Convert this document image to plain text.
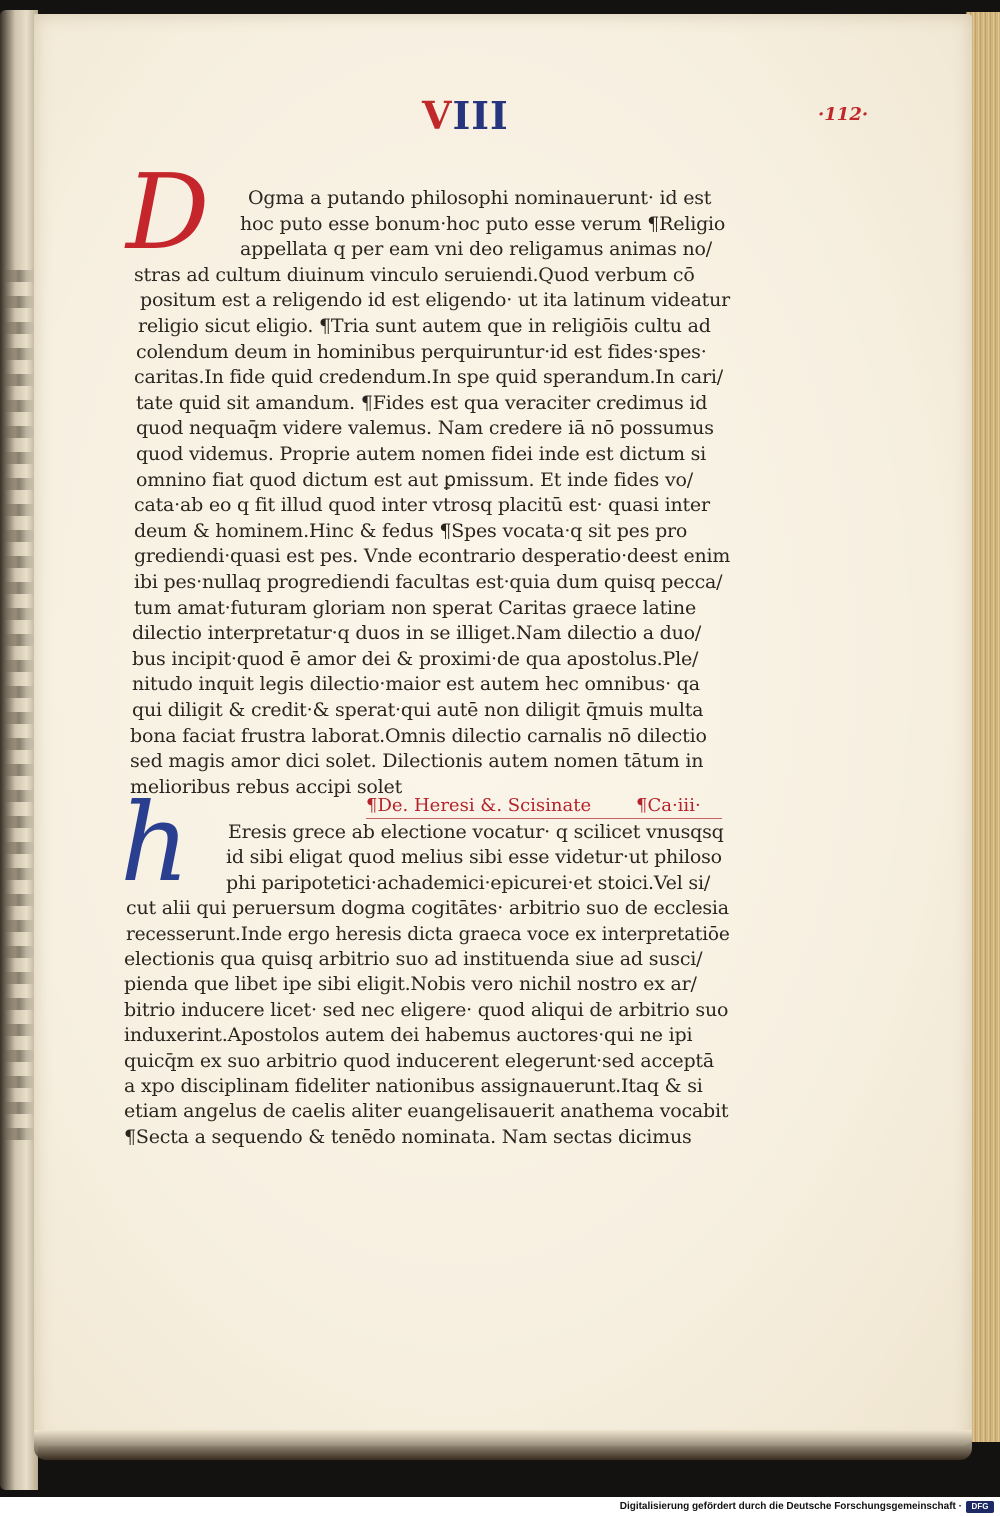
VIII	·112·
D
h
Ogma a putando philosophi nominauerunt· id est
hoc puto esse bonum·hoc puto esse verum ¶Religio
appellata q per eam vni deo religamus animas no/
stras ad cultum diuinum vinculo seruiendi.Quod verbum cō
positum est a religendo id est eligendo· ut ita latinum videatur
religio sicut eligio. ¶Tria sunt autem que in religiōis cultu ad
colendum deum in hominibus perquiruntur·id est fides·spes·
caritas.In fide quid credendum.In spe quid sperandum.In cari/
tate quid sit amandum. ¶Fides est qua veraciter credimus id
quod nequaq̄m videre valemus. Nam credere iā nō possumus
quod videmus. Proprie autem nomen fidei inde est dictum si
omnino fiat quod dictum est aut ꝑmissum. Et inde fides vo/
cata·ab eo q fit illud quod inter vtrosq placitū est· quasi inter
deum & hominem.Hinc & fedus ¶Spes vocata·q sit pes pro
grediendi·quasi est pes. Vnde econtrario desperatio·deest enim
ibi pes·nullaq progrediendi facultas est·quia dum quisq pecca/
tum amat·futuram gloriam non sperat Caritas graece latine
dilectio interpretatur·q duos in se illiget.Nam dilectio a duo/
bus incipit·quod ē amor dei & proximi·de qua apostolus.Ple/
nitudo inquit legis dilectio·maior est autem hec omnibus· qa
qui diligit & credit·& sperat·qui autē non diligit q̄muis multa
bona faciat frustra laborat.Omnis dilectio carnalis nō dilectio
sed magis amor dici solet. Dilectionis autem nomen tātum in
melioribus rebus accipi solet
¶De. Heresi &. Scisinate ¶Ca·iii·
Eresis grece ab electione vocatur· q scilicet vnusqsq
id sibi eligat quod melius sibi esse videtur·ut philoso
phi paripotetici·achademici·epicurei·et stoici.Vel si/
cut alii qui peruersum dogma cogitātes· arbitrio suo de ecclesia
recesserunt.Inde ergo heresis dicta graeca voce ex interpretatiōe
electionis qua quisq arbitrio suo ad instituenda siue ad susci/
pienda que libet ipe sibi eligit.Nobis vero nichil nostro ex ar/
bitrio inducere licet· sed nec eligere· quod aliqui de arbitrio suo
induxerint.Apostolos autem dei habemus auctores·qui ne ipi
quicq̄m ex suo arbitrio quod inducerent elegerunt·sed acceptā
a xpo disciplinam fideliter nationibus assignauerunt.Itaq & si
etiam angelus de caelis aliter euangelisauerit anathema vocabit
¶Secta a sequendo & tenēdo nominata. Nam sectas dicimus
Digitalisierung gefördert durch die Deutsche Forschungsgemeinschaft ·	DFG
